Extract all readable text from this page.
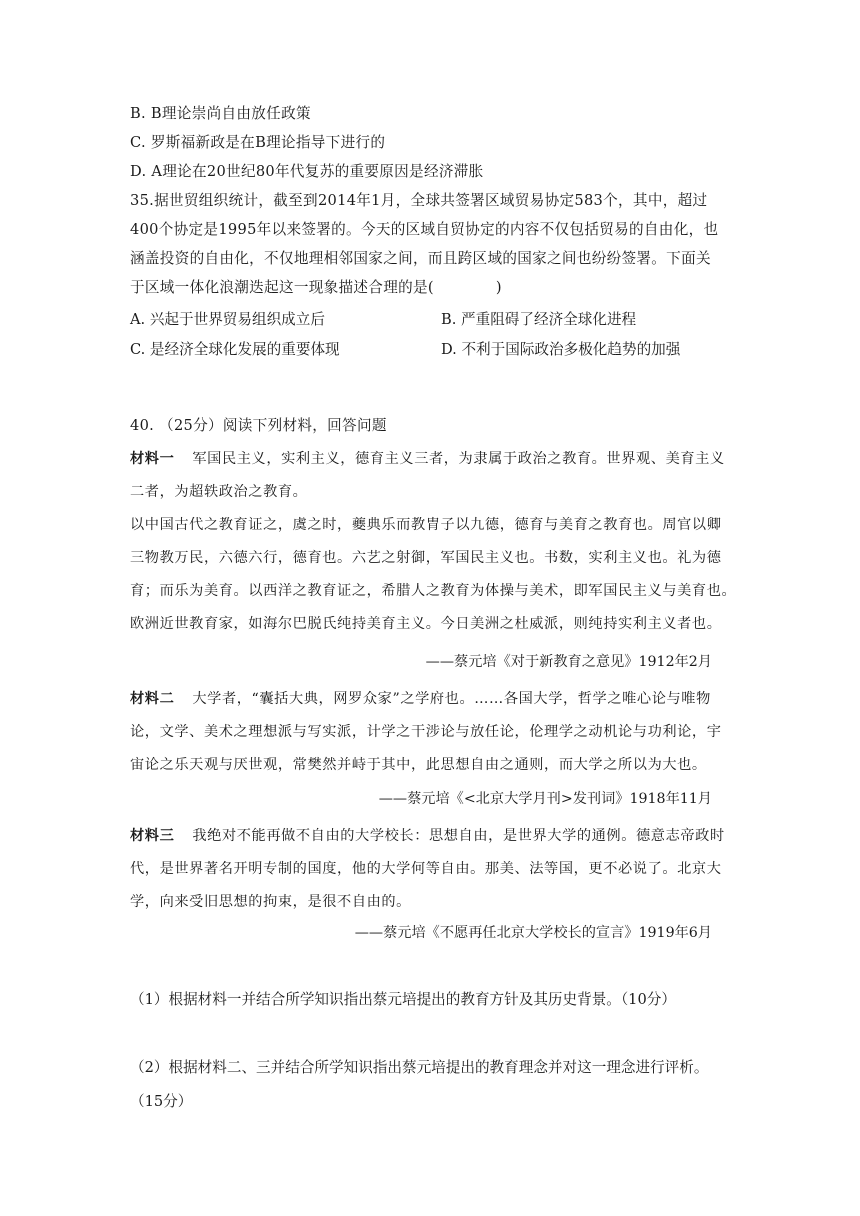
B. B理论崇尚自由放任政策

C. 罗斯福新政是在B理论指导下进行的

D. A理论在20世纪80年代复苏的重要原因是经济滞胀

35.据世贸组织统计，截至到2014年1月，全球共签署区域贸易协定583个，其中，超过

400个协定是1995年以来签署的。今天的区域自贸协定的内容不仅包括贸易的自由化，也

涵盖投资的自由化，不仅地理相邻国家之间，而且跨区域的国家之间也纷纷签署。下面关

于区域一体化浪潮迭起这一现象描述合理的是(	)

A. 兴起于世界贸易组织成立后	B. 严重阻碍了经济全球化进程

C. 是经济全球化发展的重要体现	D. 不利于国际政治多极化趋势的加强

40. （25分）阅读下列材料，回答问题

材料一 军国民主义，实利主义，德育主义三者，为隶属于政治之教育。世界观、美育主义

二者，为超轶政治之教育。

以中国古代之教育证之，虞之时，夔典乐而教胄子以九德，德育与美育之教育也。周官以卿

三物教万民，六德六行，德育也。六艺之射御，军国民主义也。书数，实利主义也。礼为德

育；而乐为美育。以西洋之教育证之，希腊人之教育为体操与美术，即军国民主义与美育也。

欧洲近世教育家，如海尔巴脱氏纯持美育主义。今日美洲之杜威派，则纯持实利主义者也。

——蔡元培《对于新教育之意见》1912年2月

材料二 大学者，“囊括大典，网罗众家”之学府也。……各国大学，哲学之唯心论与唯物

论，文学、美术之理想派与写实派，计学之干涉论与放任论，伦理学之动机论与功利论，宇

宙论之乐天观与厌世观，常樊然并峙于其中，此思想自由之通则，而大学之所以为大也。

——蔡元培《<北京大学月刊>发刊词》1918年11月

材料三 我绝对不能再做不自由的大学校长：思想自由，是世界大学的通例。德意志帝政时

代，是世界著名开明专制的国度，他的大学何等自由。那美、法等国，更不必说了。北京大

学，向来受旧思想的拘束，是很不自由的。

——蔡元培《不愿再任北京大学校长的宣言》1919年6月

（1）根据材料一并结合所学知识指出蔡元培提出的教育方针及其历史背景。（10分）

（2）根据材料二、三并结合所学知识指出蔡元培提出的教育理念并对这一理念进行评析。

（15分）
